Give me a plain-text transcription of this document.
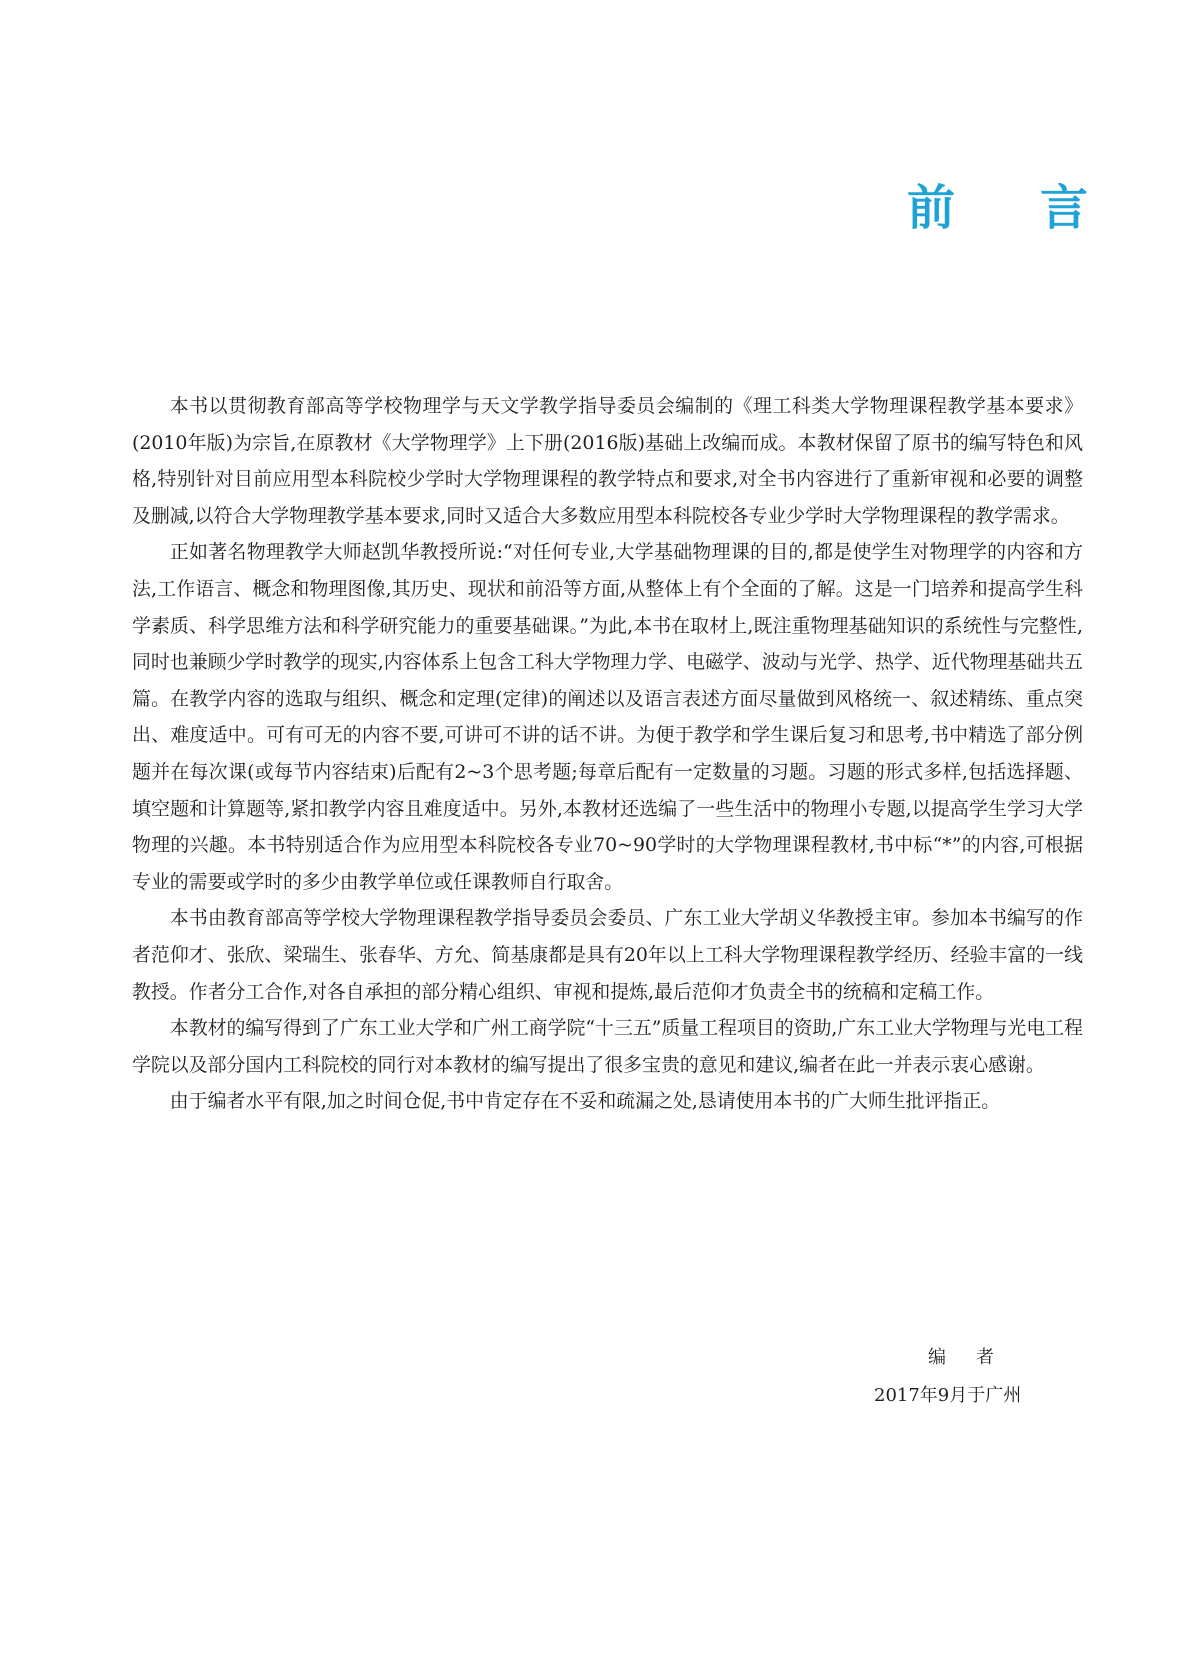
前言

本书以贯彻教育部高等学校物理学与天文学教学指导委员会编制的《理工科类大学物理课程教学基本要求》(2010年版)为宗旨,在原教材《大学物理学》上下册(2016版)基础上改编而成。本教材保留了原书的编写特色和风格,特别针对目前应用型本科院校少学时大学物理课程的教学特点和要求,对全书内容进行了重新审视和必要的调整及删减,以符合大学物理教学基本要求,同时又适合大多数应用型本科院校各专业少学时大学物理课程的教学需求。

正如著名物理教学大师赵凯华教授所说:“对任何专业,大学基础物理课的目的,都是使学生对物理学的内容和方法,工作语言、概念和物理图像,其历史、现状和前沿等方面,从整体上有个全面的了解。这是一门培养和提高学生科学素质、科学思维方法和科学研究能力的重要基础课。”为此,本书在取材上,既注重物理基础知识的系统性与完整性,同时也兼顾少学时教学的现实,内容体系上包含工科大学物理力学、电磁学、波动与光学、热学、近代物理基础共五篇。在教学内容的选取与组织、概念和定理(定律)的阐述以及语言表述方面尽量做到风格统一、叙述精练、重点突出、难度适中。可有可无的内容不要,可讲可不讲的话不讲。为便于教学和学生课后复习和思考,书中精选了部分例题并在每次课(或每节内容结束)后配有2~3个思考题;每章后配有一定数量的习题。习题的形式多样,包括选择题、填空题和计算题等,紧扣教学内容且难度适中。另外,本教材还选编了一些生活中的物理小专题,以提高学生学习大学物理的兴趣。本书特别适合作为应用型本科院校各专业70~90学时的大学物理课程教材,书中标“*”的内容,可根据专业的需要或学时的多少由教学单位或任课教师自行取舍。

本书由教育部高等学校大学物理课程教学指导委员会委员、广东工业大学胡义华教授主审。参加本书编写的作者范仰才、张欣、梁瑞生、张春华、方允、简基康都是具有20年以上工科大学物理课程教学经历、经验丰富的一线教授。作者分工合作,对各自承担的部分精心组织、审视和提炼,最后范仰才负责全书的统稿和定稿工作。

本教材的编写得到了广东工业大学和广州工商学院“十三五”质量工程项目的资助,广东工业大学物理与光电工程学院以及部分国内工科院校的同行对本教材的编写提出了很多宝贵的意见和建议,编者在此一并表示衷心感谢。

由于编者水平有限,加之时间仓促,书中肯定存在不妥和疏漏之处,恳请使用本书的广大师生批评指正。

编者
2017年9月于广州
